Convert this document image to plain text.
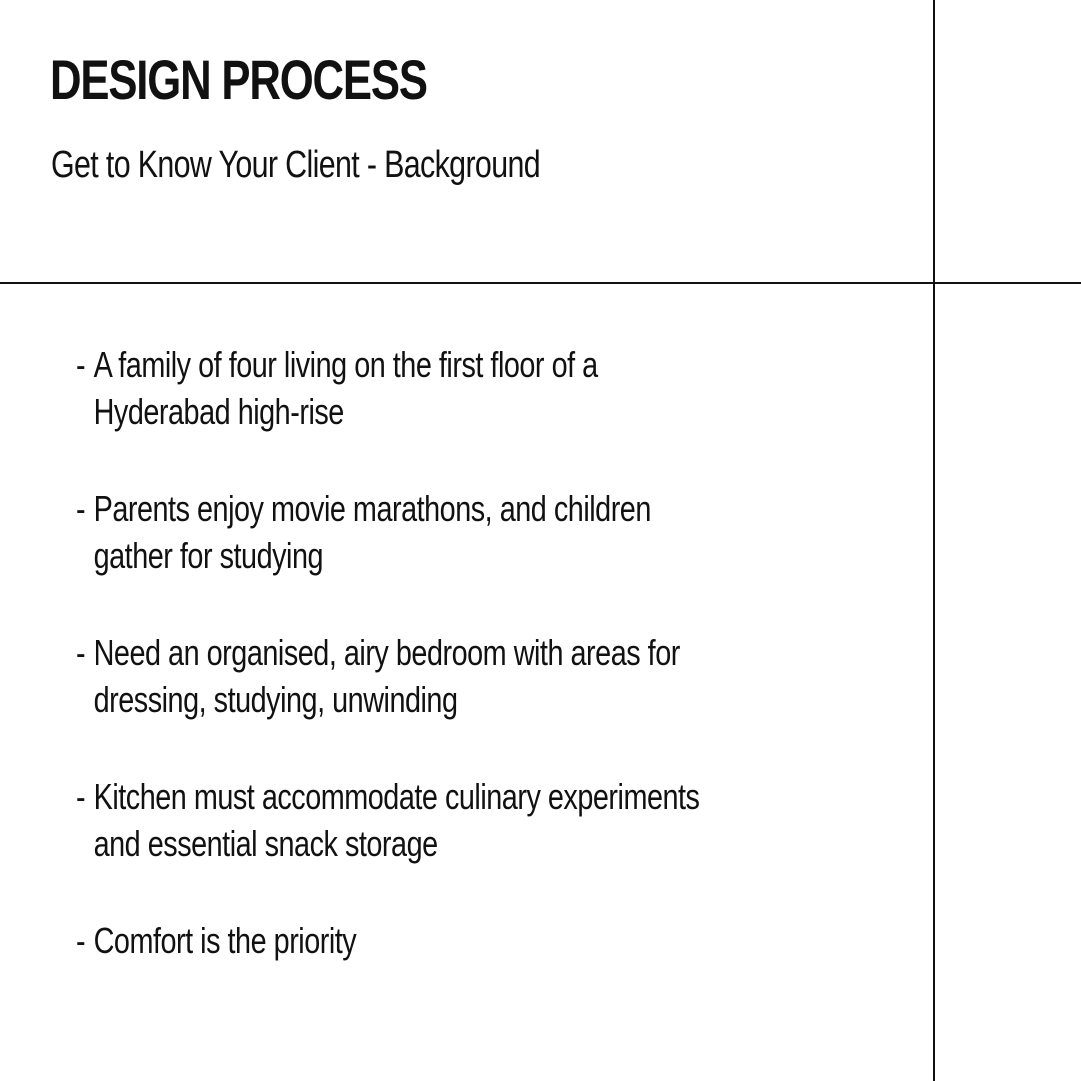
DESIGN PROCESS
Get to Know Your Client - Background
- A family of four living on the first floor of a
Hyderabad high-rise
- Parents enjoy movie marathons, and children
gather for studying
- Need an organised, airy bedroom with areas for
dressing, studying, unwinding
- Kitchen must accommodate culinary experiments
and essential snack storage
- Comfort is the priority
